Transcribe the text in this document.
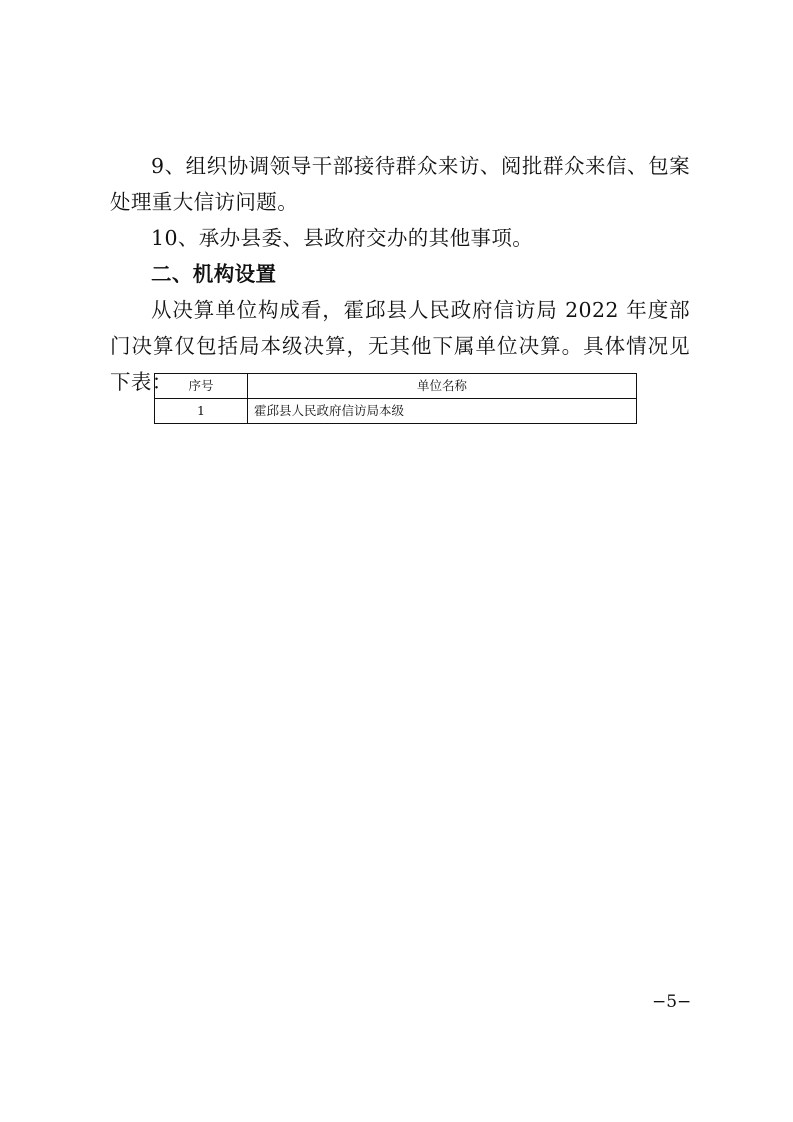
9、组织协调领导干部接待群众来访、阅批群众来信、包案处理重大信访问题。

10、承办县委、县政府交办的其他事项。

二、机构设置

从决算单位构成看，霍邱县人民政府信访局 2022 年度部门决算仅包括局本级决算，无其他下属单位决算。具体情况见下表：	序号	单位名称
1	霍邱县人民政府信访局本级
−5−
